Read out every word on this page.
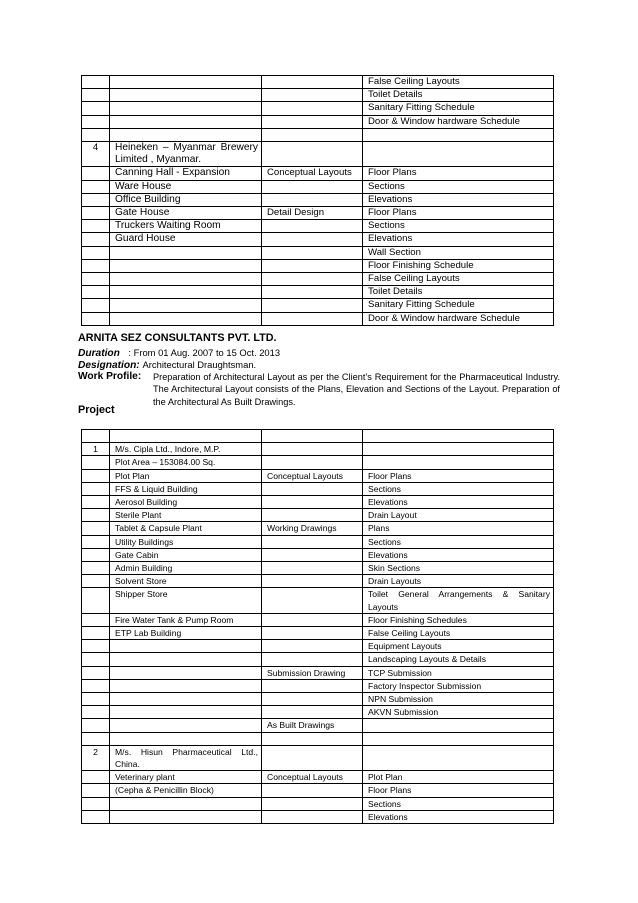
			False Ceiling Layouts
			Toilet Details
			Sanitary Fitting Schedule
			Door & Window hardware Schedule

4	Heineken – Myanmar Brewery Limited , Myanmar.		
	Canning Hall - Expansion	Conceptual Layouts	Floor Plans
	Ware House		Sections
	Office Building		Elevations
	Gate House	Detail Design	Floor Plans
	Truckers Waiting Room		Sections
	Guard House		Elevations
			Wall Section
			Floor Finishing Schedule
			False Ceiling Layouts
			Toilet Details
			Sanitary Fitting Schedule
			Door & Window hardware Schedule
ARNITA SEZ CONSULTANTS PVT. LTD.
Duration : From 01 Aug. 2007 to 15 Oct. 2013
Designation: Architectural Draughtsman.
Work Profile: Preparation of Architectural Layout as per the Client’s Requirement for the Pharmaceutical Industry. The Architectural Layout consists of the Plans, Elevation and Sections of the Layout. Preparation of the Architectural As Built Drawings.
Project

1	M/s. Cipla Ltd., Indore, M.P.		
	Plot Area – 153084.00 Sq.		
	Plot Plan	Conceptual Layouts	Floor Plans
	FFS & Liquid Building		Sections
	Aerosol Building		Elevations
	Sterile Plant		Drain Layout
	Tablet & Capsule Plant	Working Drawings	Plans
	Utility Buildings		Sections
	Gate Cabin		Elevations
	Admin Building		Skin Sections
	Solvent Store		Drain Layouts
	Shipper Store		Toilet General Arrangements & Sanitary Layouts
	Fire Water Tank & Pump Room		Floor Finishing Schedules
	ETP Lab Building		False Ceiling Layouts
			Equipment Layouts
			Landscaping Layouts & Details
		Submission Drawing	TCP Submission
			Factory Inspector Submission
			NPN Submission
			AKVN Submission
		As Built Drawings	

2	M/s. Hisun Pharmaceutical Ltd., China.		
	Veterinary plant	Conceptual Layouts	Plot Plan
	(Cepha & Penicillin Block)		Floor Plans
			Sections
			Elevations
